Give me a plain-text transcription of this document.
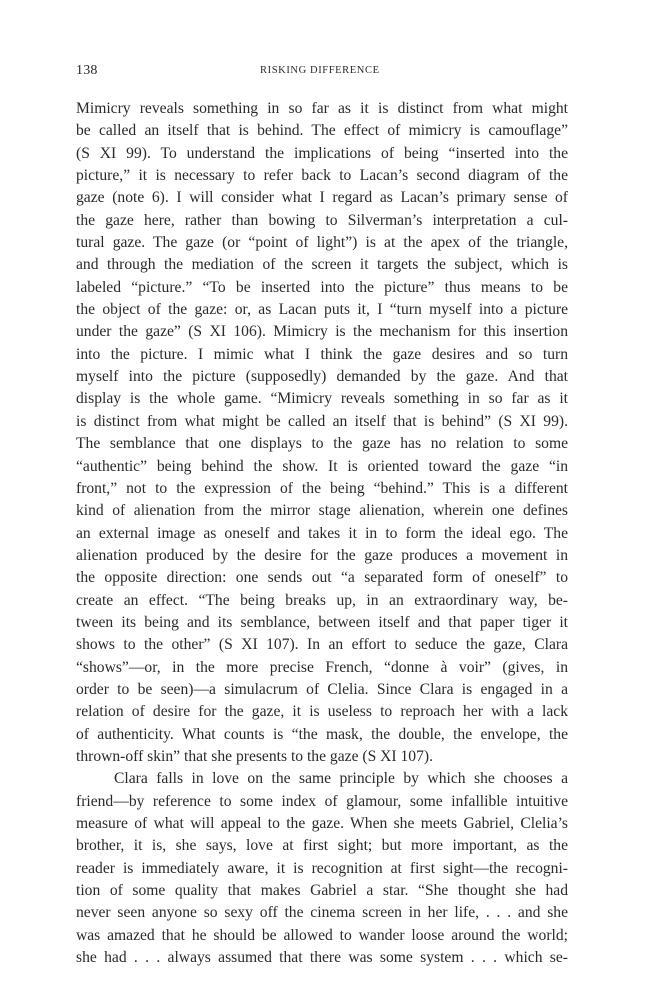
138	RISKING DIFFERENCE
Mimicry reveals something in so far as it is distinct from what might
be called an itself that is behind. The effect of mimicry is camouflage”
(S XI 99). To understand the implications of being “inserted into the
picture,” it is necessary to refer back to Lacan’s second diagram of the
gaze (note 6). I will consider what I regard as Lacan’s primary sense of
the gaze here, rather than bowing to Silverman’s interpretation a cul-
tural gaze. The gaze (or “point of light”) is at the apex of the triangle,
and through the mediation of the screen it targets the subject, which is
labeled “picture.” “To be inserted into the picture” thus means to be
the object of the gaze: or, as Lacan puts it, I “turn myself into a picture
under the gaze” (S XI 106). Mimicry is the mechanism for this insertion
into the picture. I mimic what I think the gaze desires and so turn
myself into the picture (supposedly) demanded by the gaze. And that
display is the whole game. “Mimicry reveals something in so far as it
is distinct from what might be called an itself that is behind” (S XI 99).
The semblance that one displays to the gaze has no relation to some
“authentic” being behind the show. It is oriented toward the gaze “in
front,” not to the expression of the being “behind.” This is a different
kind of alienation from the mirror stage alienation, wherein one defines
an external image as oneself and takes it in to form the ideal ego. The
alienation produced by the desire for the gaze produces a movement in
the opposite direction: one sends out “a separated form of oneself” to
create an effect. “The being breaks up, in an extraordinary way, be-
tween its being and its semblance, between itself and that paper tiger it
shows to the other” (S XI 107). In an effort to seduce the gaze, Clara
“shows”—or, in the more precise French, “donne à voir” (gives, in
order to be seen)—a simulacrum of Clelia. Since Clara is engaged in a
relation of desire for the gaze, it is useless to reproach her with a lack
of authenticity. What counts is “the mask, the double, the envelope, the
thrown-off skin” that she presents to the gaze (S XI 107).
Clara falls in love on the same principle by which she chooses a
friend—by reference to some index of glamour, some infallible intuitive
measure of what will appeal to the gaze. When she meets Gabriel, Clelia’s
brother, it is, she says, love at first sight; but more important, as the
reader is immediately aware, it is recognition at first sight—the recogni-
tion of some quality that makes Gabriel a star. “She thought she had
never seen anyone so sexy off the cinema screen in her life, . . . and she
was amazed that he should be allowed to wander loose around the world;
she had . . . always assumed that there was some system . . . which se-
